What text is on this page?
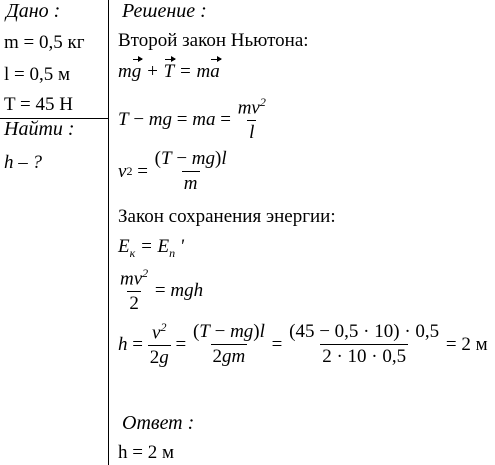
Дано :
m = 0,5 кг
l = 0,5 м
T = 45 Н
Найти :
h – ?
Решение :
Второй закон Ньютона:
mg + T = ma
T − mg = ma = $\frac{mv^2}{l}$
v $2 = \frac{(T - mg)l}{m}$
Закон сохранения энергии:
$E_к = E_п$ '
$\frac{mv^2}{2}$ = mgh
$h = \frac{v^2}{2g} = \frac{(T - mg)l}{2gm} = \frac{(45 - 0,5 \cdot 10) \cdot 0,5}{2 \cdot 10 \cdot 0,5} = 2$ м
Ответ :
h = 2 м
